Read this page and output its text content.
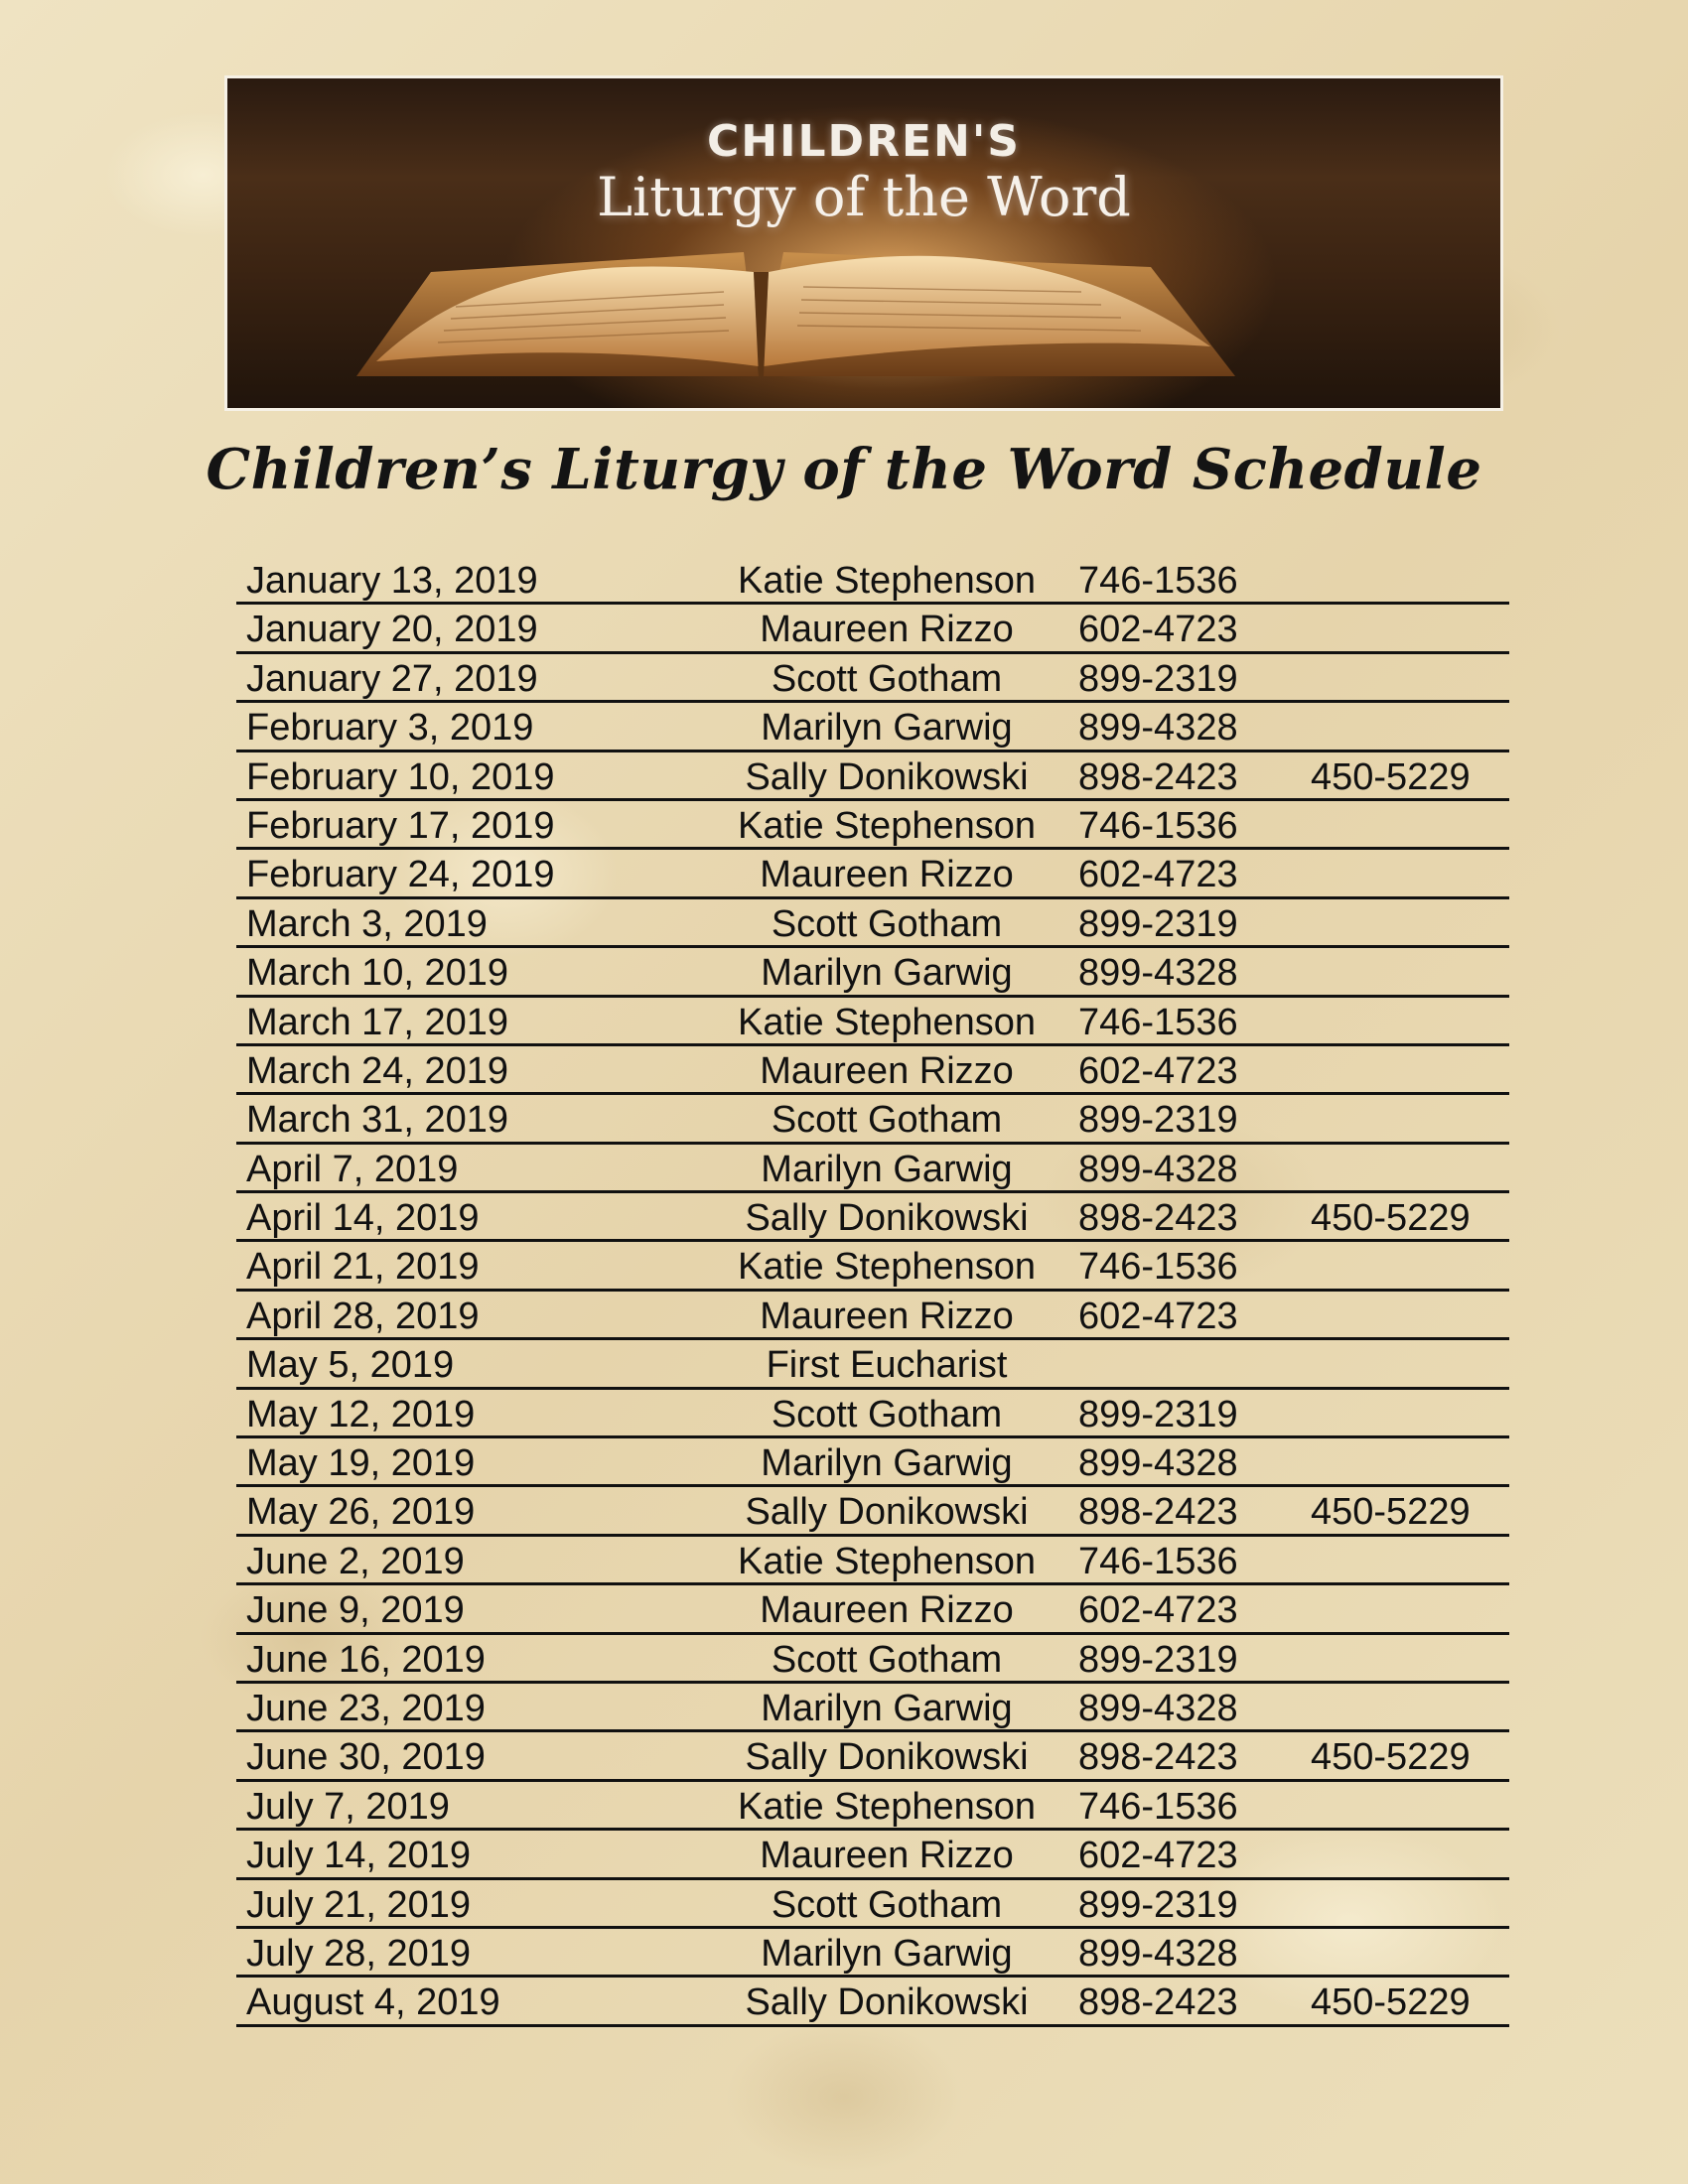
CHILDREN'S
Liturgy of the Word
Children’s Liturgy of the Word Schedule
January 13, 2019	Katie Stephenson	746-1536
January 20, 2019	Maureen Rizzo	602-4723
January 27, 2019	Scott Gotham	899-2319
February 3, 2019	Marilyn Garwig	899-4328
February 10, 2019	Sally Donikowski	898-2423 450-5229
February 17, 2019	Katie Stephenson	746-1536
February 24, 2019	Maureen Rizzo	602-4723
March 3, 2019	Scott Gotham	899-2319
March 10, 2019	Marilyn Garwig	899-4328
March 17, 2019	Katie Stephenson	746-1536
March 24, 2019	Maureen Rizzo	602-4723
March 31, 2019	Scott Gotham	899-2319
April 7, 2019	Marilyn Garwig	899-4328
April 14, 2019	Sally Donikowski	898-2423 450-5229
April 21, 2019	Katie Stephenson	746-1536
April 28, 2019	Maureen Rizzo	602-4723
May 5, 2019	First Eucharist
May 12, 2019	Scott Gotham	899-2319
May 19, 2019	Marilyn Garwig	899-4328
May 26, 2019	Sally Donikowski	898-2423 450-5229
June 2, 2019	Katie Stephenson	746-1536
June 9, 2019	Maureen Rizzo	602-4723
June 16, 2019	Scott Gotham	899-2319
June 23, 2019	Marilyn Garwig	899-4328
June 30, 2019	Sally Donikowski	898-2423 450-5229
July 7, 2019	Katie Stephenson	746-1536
July 14, 2019	Maureen Rizzo	602-4723
July 21, 2019	Scott Gotham	899-2319
July 28, 2019	Marilyn Garwig	899-4328
August 4, 2019	Sally Donikowski	898-2423 450-5229
